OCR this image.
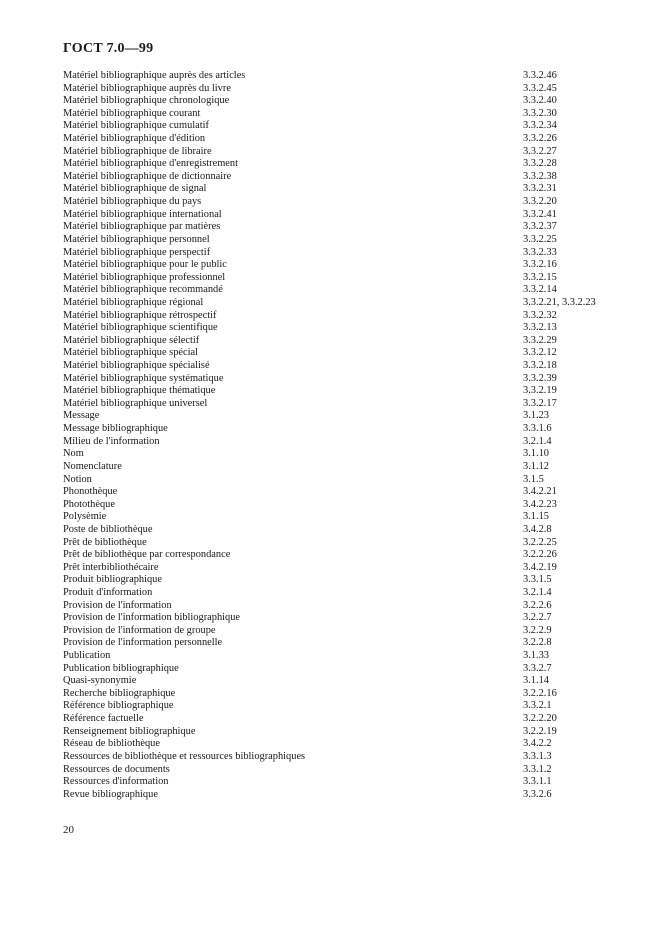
ГОСТ 7.0—99
Matériel bibliographique auprès des articles	3.3.2.46
Matériel bibliographique auprès du livre	3.3.2.45
Matériel bibliographique chronologique	3.3.2.40
Matériel bibliographique courant	3.3.2.30
Matériel bibliographique cumulatif	3.3.2.34
Matériel bibliographique d'édition	3.3.2.26
Matériel bibliographique de libraire	3.3.2.27
Matériel bibliographique d'enregistrement	3.3.2.28
Matériel bibliographique de dictionnaire	3.3.2.38
Matériel bibliographique de signal	3.3.2.31
Matériel bibliographique du pays	3.3.2.20
Matériel bibliographique international	3.3.2.41
Matériel bibliographique par matières	3.3.2.37
Matériel bibliographique personnel	3.3.2.25
Matériel bibliographique perspectif	3.3.2.33
Matériel bibliographique pour le public	3.3.2.16
Matériel bibliographique professionnel	3.3.2.15
Matériel bibliographique recommandé	3.3.2.14
Matériel bibliographique régional	3.3.2.21, 3.3.2.23
Matériel bibliographique rétrospectif	3.3.2.32
Matériel bibliographique scientifique	3.3.2.13
Matériel bibliographique sélectif	3.3.2.29
Matériel bibliographique spécial	3.3.2.12
Matériel bibliographique spécialisé	3.3.2.18
Matériel bibliographique systématique	3.3.2.39
Matériel bibliographique thématique	3.3.2.19
Matériel bibliographique universel	3.3.2.17
Message	3.1.23
Message bibliographique	3.3.1.6
Milieu de l'information	3.2.1.4
Nom	3.1.10
Nomenclature	3.1.12
Notion	3.1.5
Phonothèque	3.4.2.21
Photothèque	3.4.2.23
Polysèmie	3.1.15
Poste de bibliothèque	3.4.2.8
Prêt de bibliothèque	3.2.2.25
Prêt de bibliothèque par correspondance	3.2.2.26
Prêt interbibliothécaire	3.4.2.19
Produit bibliographique	3.3.1.5
Produit d'information	3.2.1.4
Provision de l'information	3.2.2.6
Provision de l'information bibliographique	3.2.2.7
Provision de l'information de groupe	3.2.2.9
Provision de l'information personnelle	3.2.2.8
Publication	3.1.33
Publication bibliographique	3.3.2.7
Quasi-synonymie	3.1.14
Recherche bibliographique	3.2.2.16
Référence bibliographique	3.3.2.1
Référence factuelle	3.2.2.20
Renseignement bibliographique	3.2.2.19
Réseau de bibliothèque	3.4.2.2
Ressources de bibliothèque et ressources bibliographiques	3.3.1.3
Ressources de documents	3.3.1.2
Ressources d'information	3.3.1.1
Revue bibliographique	3.3.2.6
20
